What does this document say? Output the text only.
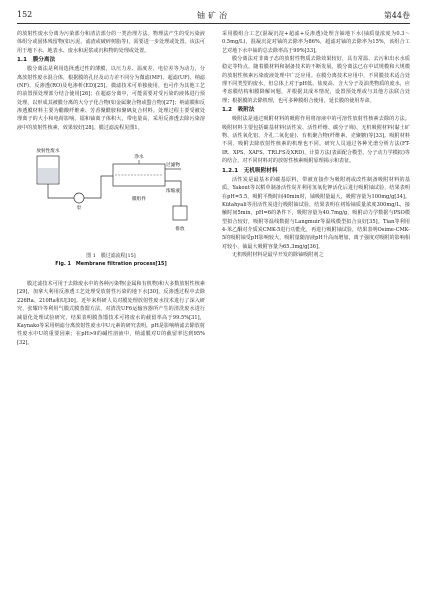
152	铀矿冶	第44卷

的放射性废水分离为污染部分和清洁部分的一类治理方法。物理法产生的受污染液体组分或固体残留物(如污泥、滤渣或破碎树脂等)，需要进一步处理或处置。该法可用于地下水、地表水、废水和泥浆或沉积物的处理或处置。

1.1　膜分离法

膜分离法是利用选择透过性的薄膜，以压力差、温度差、电位差等为动力，分离放射性废水混合体，根据膜的孔径及动力差不同分为微滤(MF)、超滤(UF)、纳滤(NF)、反渗透(RO)及电渗析(ED)[25]。微滤技术可单独使用，也可作为其他工艺的前置预处理部分结合使用[26]；在超滤分离中，可能需要对受污染的液体进行预处理，以形成其被膜分离的大分子化合物(如金属聚合物或螯合物)[27]；纳滤膜和反渗透膜材料主要为醋酸纤维素、芳香聚酰胺和聚砜复合材料。处理过程主要受被处理离子的大小和电荷影响。镭和铀离子体积大，带电量高，采用反渗透去除污染溶液中的放射性核素，效果较好[28]。膜过滤流程见图1。

放射性废水
泵
净水
过滤物
浓缩液
排放
膜组件
图 1　膜过滤流程[15]
Fig. 1　Membrane filtration process[15]

膜过滤技术可用于去除废水中的各种污染物(金属和有机物)和大多数放射性核素[29]，加拿大利用反渗透工艺处理受放射性污染的地下水[30]，反渗透过程中去除226Ra、210Ra和U[30]。近年来科研人员对膜处理放射性废水技术进行了深入研究，张耀玲等利用气膜式膜蒸馏方法，对清洗UF6运输容器所产生的清洗废水进行减量化处理试验研究，结果表明膜蒸馏技术可将废水的截留率高于99.5%[31]，Kaynako等采用纳滤分离放射性废水中U元素的研究表明，pH是影响纳滤去除放射性废水中U的重要因素；在pH>9的碱性溶液中，纳滤膜对U的截留率达到95%[32]。

采用膜组合工艺(混凝沉淀+超滤+反渗透)处理含铀地下水(铀质量浓度为0.3～0.5mg/L)，混凝沉淀对铀的去除率为86%，超滤对铀的去除率为15%，该组合工艺对地下水中铀的总去除率高于99%[33]。

膜分离法对非离子态的放射性物质去除效果较好，具有常温、去污和出水水质稳定等特点。随着膜材料和制备技术的不断发展，膜分离法已在中试规模和大规模的放射性核素污染废液处理中广泛应用。在膜分离技术应用中，不同膜技术适合处理不同类型的废水，但总体上对于pH低、盐度高、含大分子及油类物质的废水，应考虑膜结构和膜降解问题，并根据其成本情况，设置预处理或与其他方法联合处理；根据膜的去除机理，也可多种膜组合使用，延长膜的使用寿命。

1.2　吸附法

吸附法是通过吸附材料的吸附作用将溶液中的可溶性放射性核素去除的方法。吸附材料主要包括碳基材料(活性炭、活性纤维、碳分子筛)、无机吸附材料(黏土矿物、活性氧化铝、介孔二氧化硅)、有机聚合物(纤维素、壳聚糖)等[33]。吸附材料不同，吸附去除放射性核素的机理也不同。研究人员通过各种光谱分析方法(FT-IR、XPS、XAFS、TRLFS及XRD)，计算方法(表面配合模型、分子动力学模拟)等的结合，对不同材料对的放射性核素吸附原理揭示和表征。

1.2.1　无机吸附材料

活性炭是最基本的碳基原料，带被直接作为吸附剂或改性制备吸附材料的基质。Yakout等以稻草制备活性炭并利用氢氧化钾活化后进行吸附铀试验，结果表明在pH=5.5，吸附平衡时间40min时，铀吸附量最大，吸附容量为100mg/g[34]。Kütahyali等用活性炭进行吸附铀试验，结果表明在初始铀质量浓度300mg/L，接触时间5min，pH=6的条件下，吸附容量为40.7mg/g，吸附动力学数据与PSO模型拟合较好，吸附等温线数据与Langmuir等温线模型拟合良好[35]。Tian等利用4-苯乙酮对介质炭CMK-5进行功能化，再进行吸附铀试验，结果表明Osime-CMK-5的吸附铀受pH影响较大，吸附量随溶液pH升高而增加，离子强度对吸附的影响相对较小，铀最大吸附容量为65.3mg/g[36]。

无机吸附材料是最早开发的除铀吸附剂之
